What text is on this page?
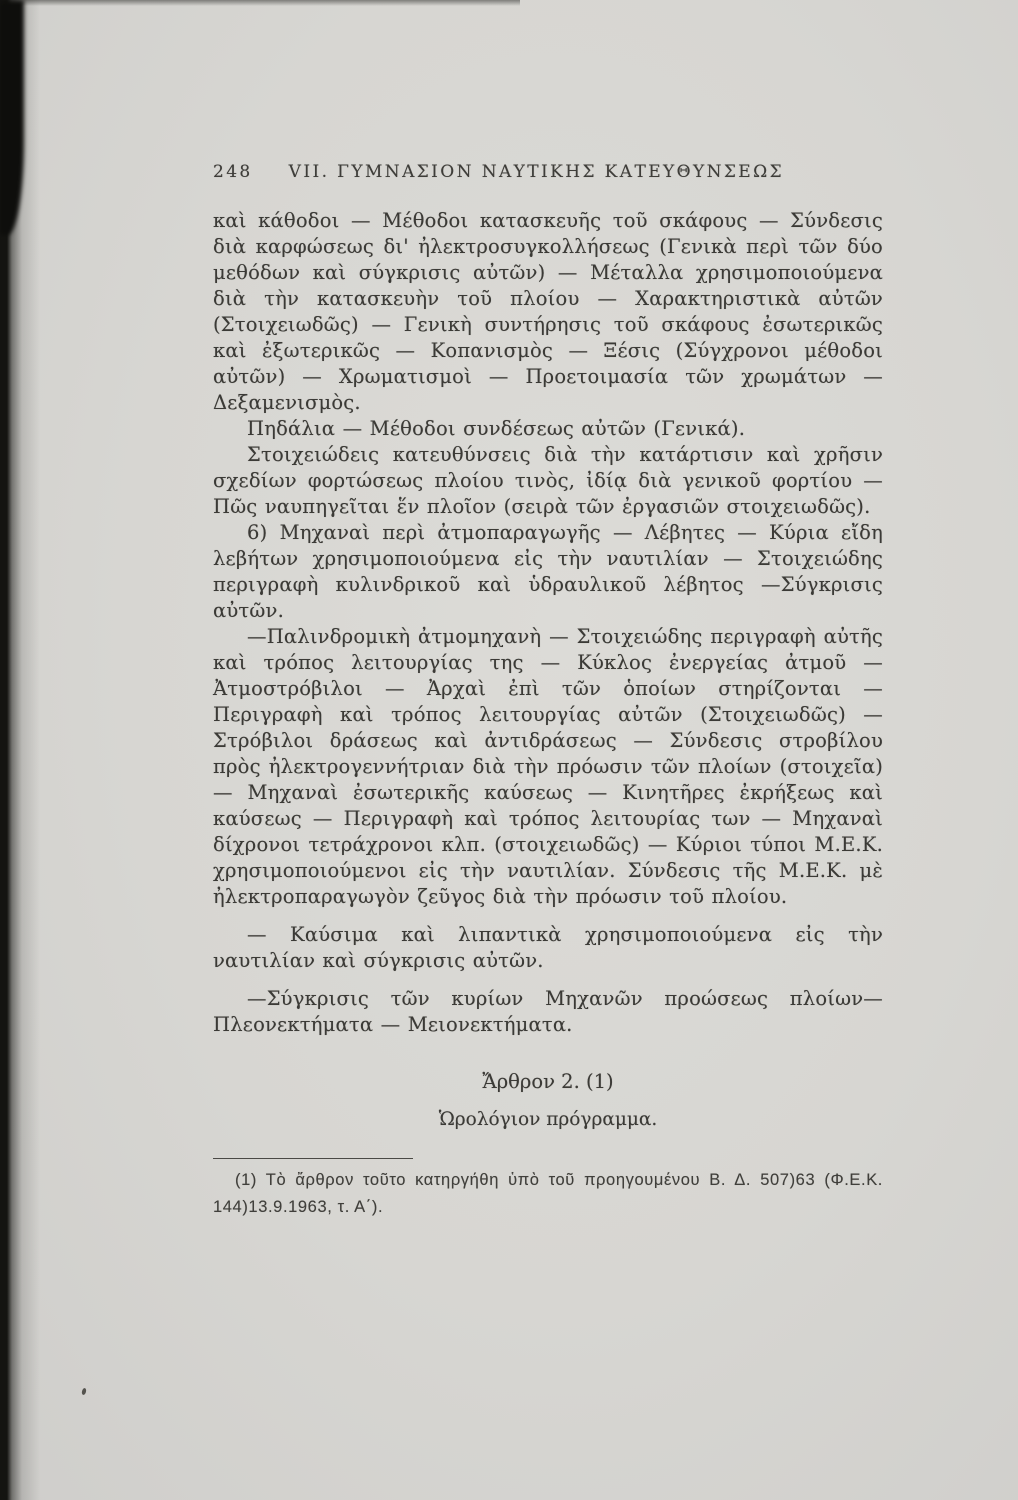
248 VII. ΓΥΜΝΑΣΙΟΝ ΝΑΥΤΙΚΗΣ ΚΑΤΕΥΘΥΝΣΕΩΣ

καὶ κάθοδοι — Μέθοδοι κατασκευῆς τοῦ σκάφους — Σύνδεσις διὰ καρφώσεως δι' ἠλεκτροσυγκολλήσεως (Γενικὰ περὶ τῶν δύο μεθόδων καὶ σύγκρισις αὐτῶν) — Μέταλλα χρησιμοποιούμενα διὰ τὴν κατασκευὴν τοῦ πλοίου — Χαρακτηριστικὰ αὐτῶν (Στοιχειωδῶς) — Γενικὴ συντήρησις τοῦ σκάφους ἐσωτερικῶς καὶ ἐξωτερικῶς — Κοπανισμὸς — Ξέσις (Σύγχρονοι μέθοδοι αὐτῶν) — Χρωματισμοὶ — Προετοιμασία τῶν χρωμάτων — Δεξαμενισμὸς.

Πηδάλια — Μέθοδοι συνδέσεως αὐτῶν (Γενικά).

Στοιχειώδεις κατευθύνσεις διὰ τὴν κατάρτισιν καὶ χρῆσιν σχεδίων φορτώσεως πλοίου τινὸς, ἰδίᾳ διὰ γενικοῦ φορτίου — Πῶς ναυπηγεῖται ἕν πλοῖον (σειρὰ τῶν ἐργασιῶν στοιχειωδῶς).

6) Μηχαναὶ περὶ ἀτμοπαραγωγῆς — Λέβητες — Κύρια εἴδη λεβήτων χρησιμοποιούμενα εἰς τὴν ναυτιλίαν — Στοιχειώδης περιγραφὴ κυλινδρικοῦ καὶ ὑδραυλικοῦ λέβητος —Σύγκρισις αὐτῶν.

—Παλινδρομικὴ ἀτμομηχανὴ — Στοιχειώδης περιγραφὴ αὐτῆς καὶ τρόπος λειτουργίας της — Κύκλος ἐνεργείας ἀτμοῦ — Ἀτμοστρόβιλοι — Ἀρχαὶ ἐπὶ τῶν ὁποίων στηρίζονται — Περιγραφὴ καὶ τρόπος λειτουργίας αὐτῶν (Στοιχειωδῶς) — Στρόβιλοι δράσεως καὶ ἀντιδράσεως — Σύνδεσις στροβίλου πρὸς ἠλεκτρογεννήτριαν διὰ τὴν πρόωσιν τῶν πλοίων (στοιχεῖα) — Μηχαναὶ ἐσωτερικῆς καύσεως — Κινητῆρες ἐκρήξεως καὶ καύσεως — Περιγραφὴ καὶ τρόπος λειτουρίας των — Μηχαναὶ δίχρονοι τετράχρονοι κλπ. (στοιχειωδῶς) — Κύριοι τύποι Μ.Ε.Κ. χρησιμοποιούμενοι εἰς τὴν ναυτιλίαν. Σύνδεσις τῆς Μ.Ε.Κ. μὲ ἠλεκτροπαραγωγὸν ζεῦγος διὰ τὴν πρόωσιν τοῦ πλοίου.

— Καύσιμα καὶ λιπαντικὰ χρησιμοποιούμενα εἰς τὴν ναυτιλίαν καὶ σύγκρισις αὐτῶν.

—Σύγκρισις τῶν κυρίων Μηχανῶν προώσεως πλοίων— Πλεονεκτήματα — Μειονεκτήματα.

Ἄρθρον 2. (1)
Ὡρολόγιον πρόγραμμα.

(1) Τὸ ἄρθρον τοῦτο κατηργήθη ὑπὸ τοῦ προηγουμένου Β. Δ. 507)63 (Φ.Ε.Κ. 144)13.9.1963, τ. Α΄).
